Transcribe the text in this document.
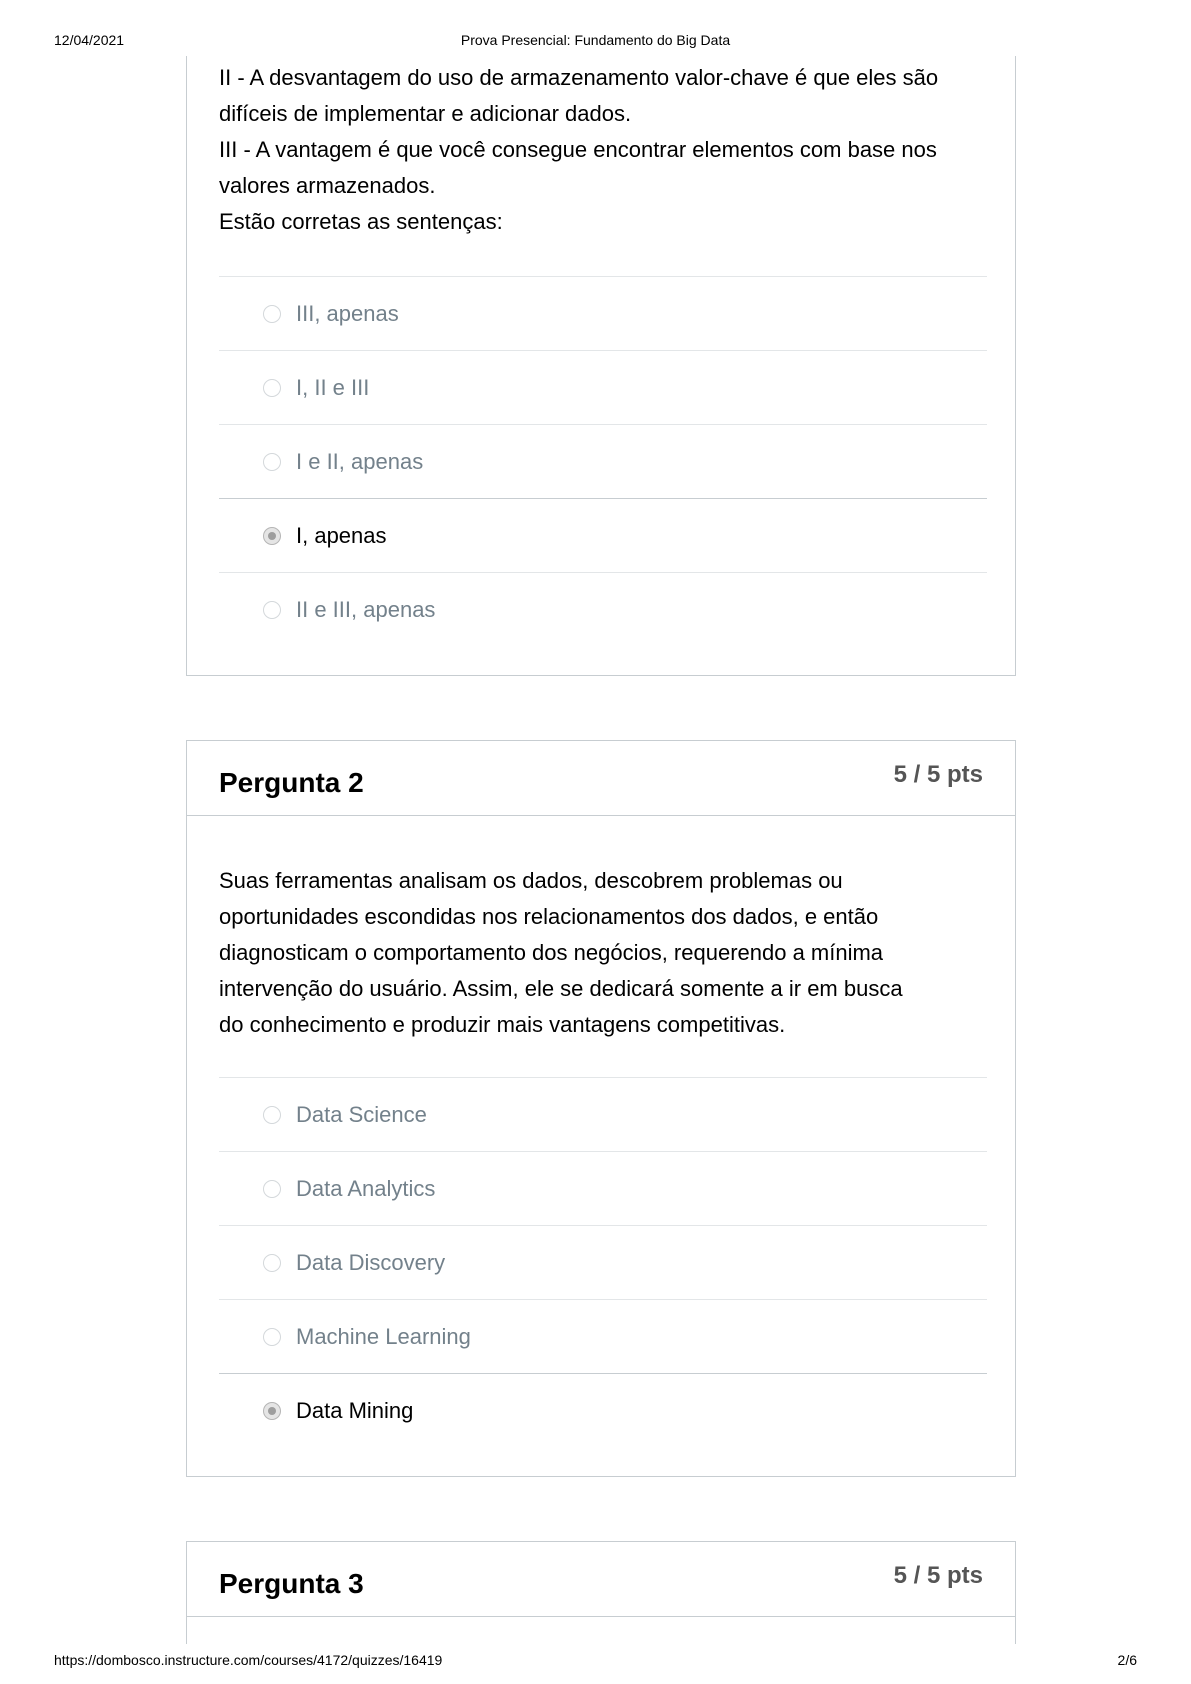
12/04/2021	Prova Presencial: Fundamento do Big Data
II - A desvantagem do uso de armazenamento valor-chave é que eles são
difíceis de implementar e adicionar dados.
III - A vantagem é que você consegue encontrar elementos com base nos
valores armazenados.
Estão corretas as sentenças:
III, apenas
I, II e III
I e II, apenas
I, apenas
II e III, apenas
Pergunta 2	5 / 5 pts
Suas ferramentas analisam os dados, descobrem problemas ou
oportunidades escondidas nos relacionamentos dos dados, e então
diagnosticam o comportamento dos negócios, requerendo a mínima
intervenção do usuário. Assim, ele se dedicará somente a ir em busca
do conhecimento e produzir mais vantagens competitivas.
Data Science
Data Analytics
Data Discovery
Machine Learning
Data Mining
Pergunta 3	5 / 5 pts
https://dombosco.instructure.com/courses/4172/quizzes/16419	2/6
